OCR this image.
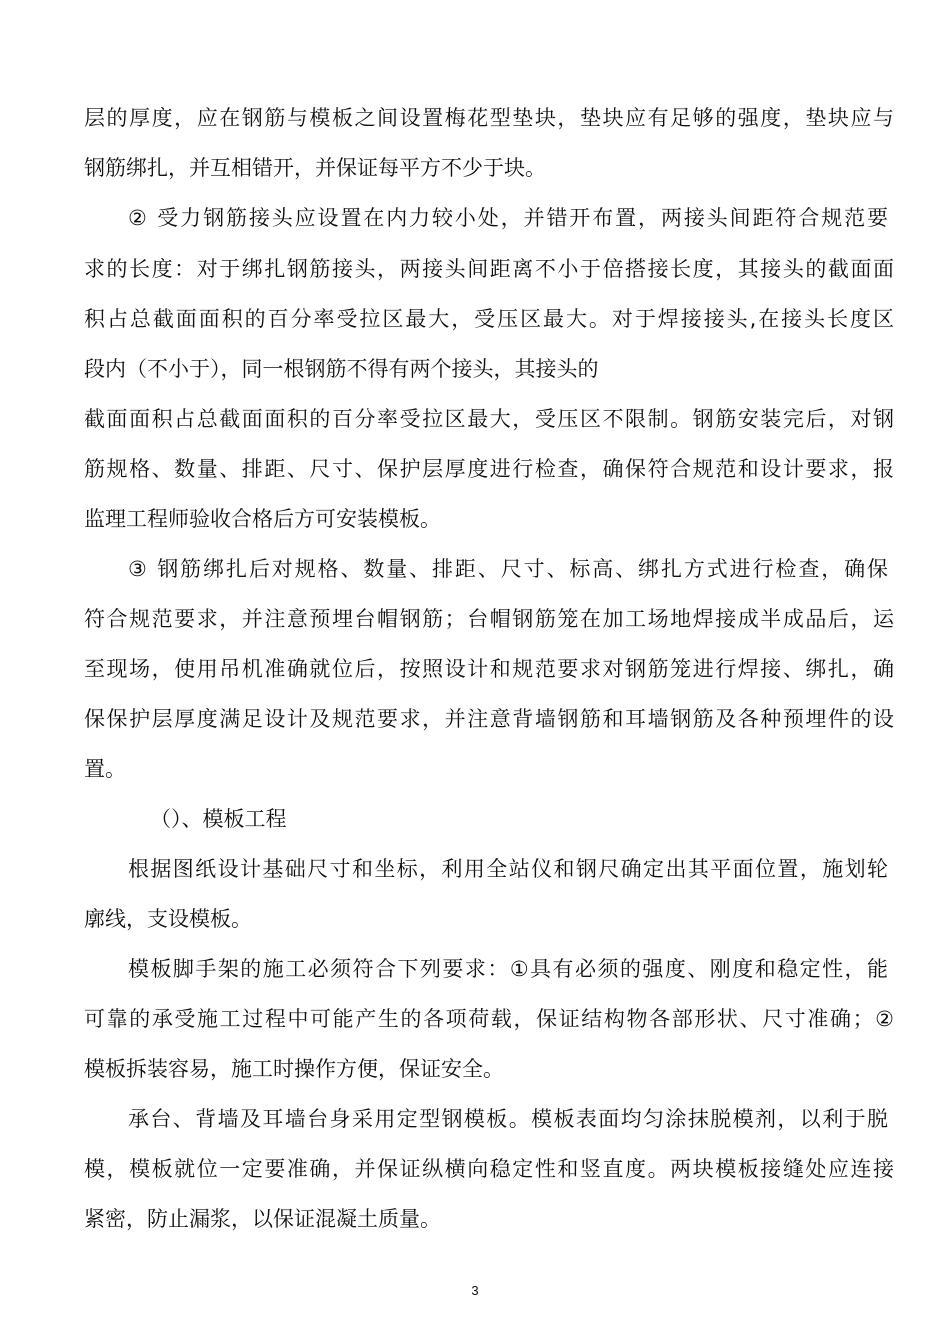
层的厚度，应在钢筋与模板之间设置梅花型垫块，垫块应有足够的强度，垫块应与
钢筋绑扎，并互相错开，并保证每平方不少于块。
② 受力钢筋接头应设置在内力较小处，并错开布置，两接头间距符合规范要
求的长度：对于绑扎钢筋接头，两接头间距离不小于倍搭接长度，其接头的截面面
积占总截面面积的百分率受拉区最大，受压区最大。对于焊接接头,在接头长度区
段内（不小于），同一根钢筋不得有两个接头，其接头的
截面面积占总截面面积的百分率受拉区最大，受压区不限制。钢筋安装完后，对钢
筋规格、数量、排距、尺寸、保护层厚度进行检查，确保符合规范和设计要求，报
监理工程师验收合格后方可安装模板。
③ 钢筋绑扎后对规格、数量、排距、尺寸、标高、绑扎方式进行检查，确保
符合规范要求，并注意预埋台帽钢筋；台帽钢筋笼在加工场地焊接成半成品后，运
至现场，使用吊机准确就位后，按照设计和规范要求对钢筋笼进行焊接、绑扎，确
保保护层厚度满足设计及规范要求，并注意背墙钢筋和耳墙钢筋及各种预埋件的设
置。
（）、模板工程
根据图纸设计基础尺寸和坐标，利用全站仪和钢尺确定出其平面位置，施划轮
廓线，支设模板。
模板脚手架的施工必须符合下列要求：①具有必须的强度、刚度和稳定性，能
可靠的承受施工过程中可能产生的各项荷载，保证结构物各部形状、尺寸准确；②
模板拆装容易，施工时操作方便，保证安全。
承台、背墙及耳墙台身采用定型钢模板。模板表面均匀涂抹脱模剂，以利于脱
模，模板就位一定要准确，并保证纵横向稳定性和竖直度。两块模板接缝处应连接
紧密，防止漏浆，以保证混凝土质量。
3
